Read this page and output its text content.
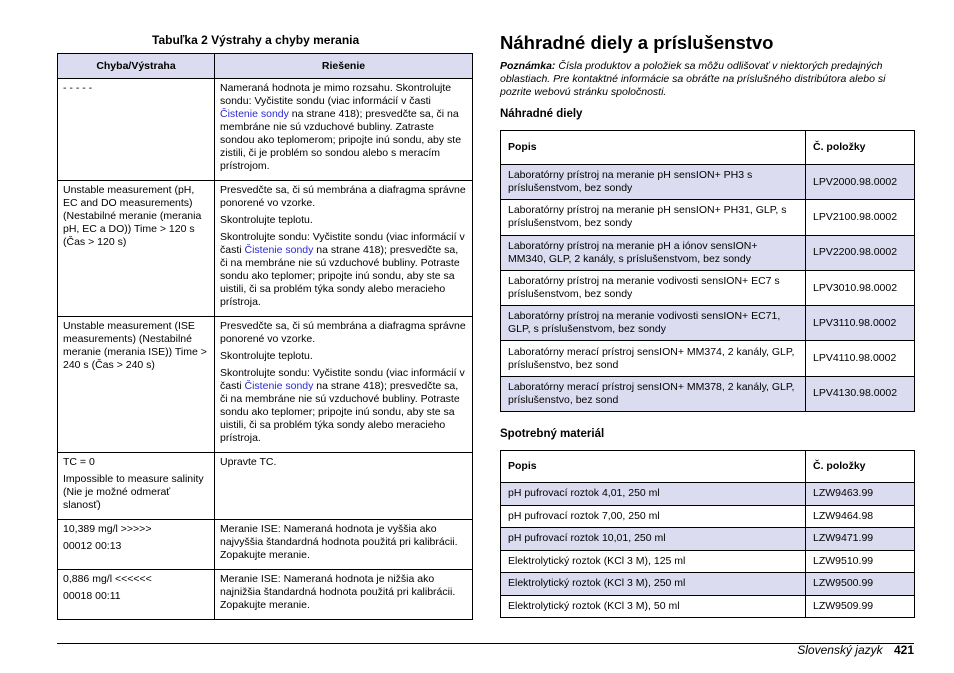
Tabuľka 2 Výstrahy a chyby merania
Chyba/Výstraha	Riešenie

- - - - -	Nameraná hodnota je mimo rozsahu. Skontrolujte sondu: Vyčistite sondu (viac informácií v časti Čistenie sondy na strane 418); presvedčte sa, či na membráne nie sú vzduchové bubliny. Zatraste sondou ako teplomerom; pripojte inú sondu, aby ste zistili, či je problém so sondou alebo s meracím prístrojom.

Unstable measurement (pH, EC and DO measurements) (Nestabilné meranie (merania pH, EC a DO)) Time > 120 s (Čas > 120 s)	Presvedčte sa, či sú membrána a diafragma správne ponorené vo vzorke.

Skontrolujte teplotu.

Skontrolujte sondu: Vyčistite sondu (viac informácií v časti Čistenie sondy na strane 418); presvedčte sa, či na membráne nie sú vzduchové bubliny. Potraste sondu ako teplomer; pripojte inú sondu, aby ste sa uistili, či sa problém týka sondy alebo meracieho prístroja.

Unstable measurement (ISE measurements) (Nestabilné meranie (merania ISE)) Time > 240 s (Čas > 240 s)	Presvedčte sa, či sú membrána a diafragma správne ponorené vo vzorke.

Skontrolujte teplotu.

Skontrolujte sondu: Vyčistite sondu (viac informácií v časti Čistenie sondy na strane 418); presvedčte sa, či na membráne nie sú vzduchové bubliny. Potraste sondu ako teplomer; pripojte inú sondu, aby ste sa uistili, či sa problém týka sondy alebo meracieho prístroja.

TC = 0

Impossible to measure salinity (Nie je možné odmerať slanosť)	Upravte TC.

10,389 mg/l >>>>>

00012 00:13	Meranie ISE: Nameraná hodnota je vyššia ako najvyššia štandardná hodnota použitá pri kalibrácii. Zopakujte meranie.

0,886 mg/l <<<<<<

00018 00:11	Meranie ISE: Nameraná hodnota je nižšia ako najnižšia štandardná hodnota použitá pri kalibrácii. Zopakujte meranie.

Náhradné diely a príslušenstvo
Poznámka: Čísla produktov a položiek sa môžu odlišovať v niektorých predajných oblastiach. Pre kontaktné informácie sa obráťte na príslušného distribútora alebo si pozrite webovú stránku spoločnosti.
Náhradné diely
Popis	Č. položky
Laboratórny prístroj na meranie pH sensION+ PH3 s príslušenstvom, bez sondy	LPV2000.98.0002
Laboratórny prístroj na meranie pH sensION+ PH31, GLP, s príslušenstvom, bez sondy	LPV2100.98.0002
Laboratórny prístroj na meranie pH a iónov sensION+ MM340, GLP, 2 kanály, s príslušenstvom, bez sondy	LPV2200.98.0002
Laboratórny prístroj na meranie vodivosti sensION+ EC7 s príslušenstvom, bez sondy	LPV3010.98.0002
Laboratórny prístroj na meranie vodivosti sensION+ EC71, GLP, s príslušenstvom, bez sondy	LPV3110.98.0002
Laboratórny merací prístroj sensION+ MM374, 2 kanály, GLP, príslušenstvo, bez sond	LPV4110.98.0002
Laboratórny merací prístroj sensION+ MM378, 2 kanály, GLP, príslušenstvo, bez sond	LPV4130.98.0002
Spotrebný materiál
Popis	Č. položky
pH pufrovací roztok 4,01, 250 ml	LZW9463.99
pH pufrovací roztok 7,00, 250 ml	LZW9464.98
pH pufrovací roztok 10,01, 250 ml	LZW9471.99
Elektrolytický roztok (KCl 3 M), 125 ml	LZW9510.99
Elektrolytický roztok (KCl 3 M), 250 ml	LZW9500.99
Elektrolytický roztok (KCl 3 M), 50 ml	LZW9509.99
Slovenský jazyk 421
